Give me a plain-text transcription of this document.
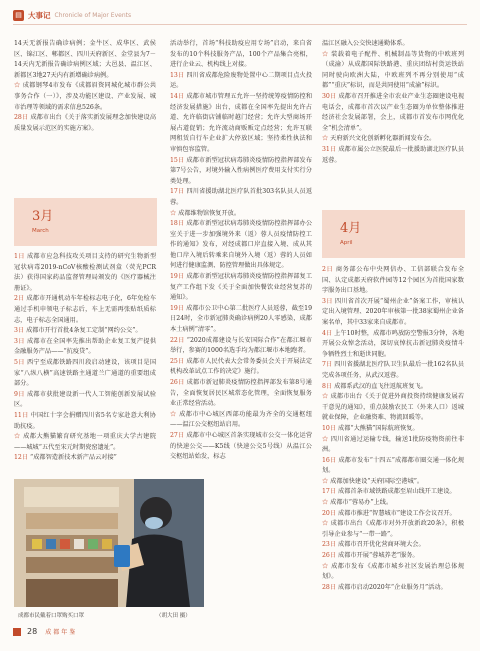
▤ 大事记 Chronicle of Major Events

14天无新报告确诊病例；金牛区、成华区、武侯区、锦江区、郫都区、四川天府新区、金堂县为7－14天内无新报告确诊病例区域；大邑县、温江区、新都区3地27天内有新增确诊病例。

☆ 成都钢琴4市发布《成都眉资同城化城市群公共事务合作（一）》，涉及功能区建设、产业发展、城市治理等领域的需求信息526条。

28日 成都市出台《关于落实新发展理念加快建设高质量发展示范区的实施方案》。

1日 成都市应急科技攻关项目支持的研究生物新型冠状病毒2019-nCoV核酸检测试剂盒（荧光PCR法）获得国家药品监督管理局颁发的《医疗器械注册证》。

2日 成都市开通机动车年检标志电子化，6年免检车通过手机申领电子标志后，车上无需再张贴纸质标志，电子标志全国通用。

3日 成都市开行首批4条复工定制“网约公交”。

3日 成都市在全国率先推出帮助企业复工复产提供金融服务产品——“抗疫贷”。

5日 西宁至成都铁路四川段启动建设，该项目是国家“八纵八横”高速铁路主通道兰广通道的重要组成部分。

9日 成都市获批建设新一代人工智能创新发展试验区。

11日 中国红十字会捐赠四川省5名专家赴意大利协助抗疫。

☆ 成都大熊猫繁育研究基地一项重庆大学古建院——城城“五代至宋元时期瓷窑遗址”。

12日 “成都智造新技术新产品云对接”

3月
March

活动举行，首场“科技助疫应用专场”启动，来自省发布的10个科技服务产品，100个产品集合亮相，进行企业云、机构线上对接。

13日 四川省成都危险废物处置中心二期项目点火投运。

14日 成都市城市管理五允许一坚持统筹疫情防控和经济发展措施》出台，成都在全国率先提出允许占道、允许临街店铺临时越门经营；允许大型商场开展占道促销；允许流动商贩贩定点经营；允许互联网租赁自行车企业扩大停放区域；坚持柔性执法和审慎包容监管。

15日 成都市新型冠状病毒肺炎疫情防控指挥部发布第7号公告，对境外输入性病例医疗费用支付实行分类处理。

17日 四川省援助湖北医疗队首批303名队员人员返蓉。

☆ 成都维物馆恢复开放。

18日 成都市新型冠状病毒肺炎疫情防控指挥部办公室关于进一步加强境外来（返）蓉人员疫情防控工作的通知》发布，对经成都口岸直接入境、成从其他口岸入境后转乘来自境外入境（返）蓉的人员如何进行健康监测、防控管理做出具体规定。

19日 成都市新型冠状病毒肺炎疫情防控指挥部复工复产工作组下发《关于全面加快餐饮业经营复苏的通知》。

19日 成都市公卫中心第二批医疗人员返蓉，截至19日24时，全市新冠肺炎确诊病例20人零感染，成都本土病例“清零”。

22日 “2020成都建设与长安国际合作”在都江堰市举行，参赛的1000名选手均为都江堰市本地跑者。

25日 成都市人民代表大会常务委员会关于开展法定机构改革试点工作的决定》施行。

26日 成都市新冠肺炎疫情防控指挥部发布第8号通告，全面恢复居民区城常态化管理，全面恢复服务业正常经营活动。

☆ 成都市中心城区西部功能最为齐全的交通枢纽——温江公交枢纽站启用。

27日 成都市中心城区首条实现城市公交一体化运营的快速公交——K5线（快速公交5号线）从温江公交枢纽站始发，标志

温江区融入公交快速通勤体系。

☆ 装载着电子配件、机械制品等货物的中欧班列（成渝）从成都国际铁路港、重庆团结村货运铁站同时驶向欧洲大陆，中欧班列不再分别使用“成都”“重庆”标识，而是共同使用“成渝”标识。

30日 成都市召开推进全市农业产业生态圈建设电视电话会，成都市首次以产业生态圈为单位整体推进经济社会发展部署，会上，成都市首发布市网优化全“机会清单”。

☆ 天府新兴文化创新孵化器新闻发布会。

31日 成都市属公立医院最后一批援助湖北医疗队员返蓉。

4月
April

2日 商务部公布中央网信办、工信部联合发布全国、认定成都天府软件园等12个园区为首批国家数字服务出口基地。

3日 四川省首次开展“蜀州企业”备案工作，审核认定出入境管理、2020年审核第一批38家蜀州企业备案名单，其中33家来自成都市。

4日 上午10时整，成都市鸣放防空警报3分钟，各地开展公众悼念活动，深切哀悼抗击新冠肺炎疫情斗争牺牲烈士和逝世同胞。

7日 四川省援湖北医疗队卫生队最后一批162名队员完成各项任务，从武汉返蓉。

8日 成都系武汉的直飞往返航班复飞。

☆ 成都市出台《关于促进外商投资持续健康发展若干意见的通知》，重点鼓励农民工（外来人口）返城就业保障，企业融资难、物流回暖等。

10日 成都“大熊猫”国际航班恢复。

☆ 四川省通过运输专线，输送1批防疫物资前往非洲。

16日 成都市发布“十四五”成都都市圈交通一体化规划。

☆ 成都加快建设“天府国际空港城”。

17日 成都首条市域铁路成都至眉山线开工建设。

☆ 成都市“蓉易办”上线。

20日 成都市推进“智慧城市”建设工作会议召开。

☆ 成都市出台《成都市对外开放新政20条》，积极引导企业参与“一带一路”。

23日 成都市召开优化营商环境大会。

26日 成都市开展“蓉城养老”服务。

☆ 成都市发布《成都市城乡社区发展治理总体规划》。

28日 成都市启动2020年“企业服务月”活动。

成都市民戴着口罩购买口罩	（胡大田 摄）
28 成都年鉴
